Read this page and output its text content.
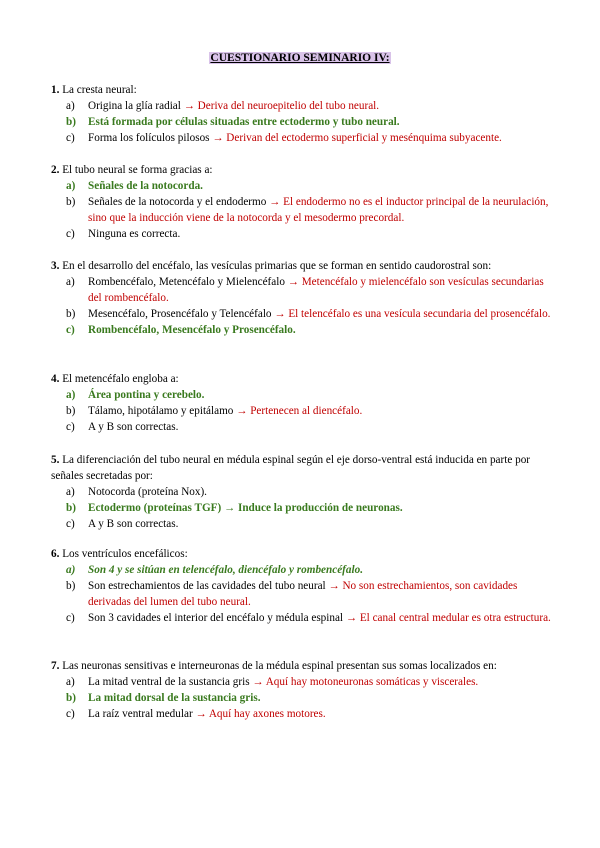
CUESTIONARIO SEMINARIO IV:
1. La cresta neural:
a) Origina la glía radial → Deriva del neuroepitelio del tubo neural.
b) Está formada por células situadas entre ectodermo y tubo neural.
c) Forma los folículos pilosos → Derivan del ectodermo superficial y mesénquima subyacente.
2. El tubo neural se forma gracias a:
a) Señales de la notocorda.
b) Señales de la notocorda y el endodermo → El endodermo no es el inductor principal de la neurulación, sino que la inducción viene de la notocorda y el mesodermo precordal.
c) Ninguna es correcta.
3. En el desarrollo del encéfalo, las vesículas primarias que se forman en sentido caudorostral son:
a) Rombencéfalo, Metencéfalo y Mielencéfalo → Metencéfalo y mielencéfalo son vesículas secundarias del rombencéfalo.
b) Mesencéfalo, Prosencéfalo y Telencéfalo → El telencéfalo es una vesícula secundaria del prosencéfalo.
c) Rombencéfalo, Mesencéfalo y Prosencéfalo.
4. El metencéfalo engloba a:
a) Área pontina y cerebelo.
b) Tálamo, hipotálamo y epitálamo → Pertenecen al diencéfalo.
c) A y B son correctas.
5. La diferenciación del tubo neural en médula espinal según el eje dorso-ventral está inducida en parte por señales secretadas por:
a) Notocorda (proteína Nox).
b) Ectodermo (proteínas TGF) → Induce la producción de neuronas.
c) A y B son correctas.
6. Los ventrículos encefálicos:
a) Son 4 y se sitúan en telencéfalo, diencéfalo y rombencéfalo.
b) Son estrechamientos de las cavidades del tubo neural → No son estrechamientos, son cavidades derivadas del lumen del tubo neural.
c) Son 3 cavidades el interior del encéfalo y médula espinal → El canal central medular es otra estructura.
7. Las neuronas sensitivas e interneuronas de la médula espinal presentan sus somas localizados en:
a) La mitad ventral de la sustancia gris → Aquí hay motoneuronas somáticas y viscerales.
b) La mitad dorsal de la sustancia gris.
c) La raíz ventral medular → Aquí hay axones motores.
